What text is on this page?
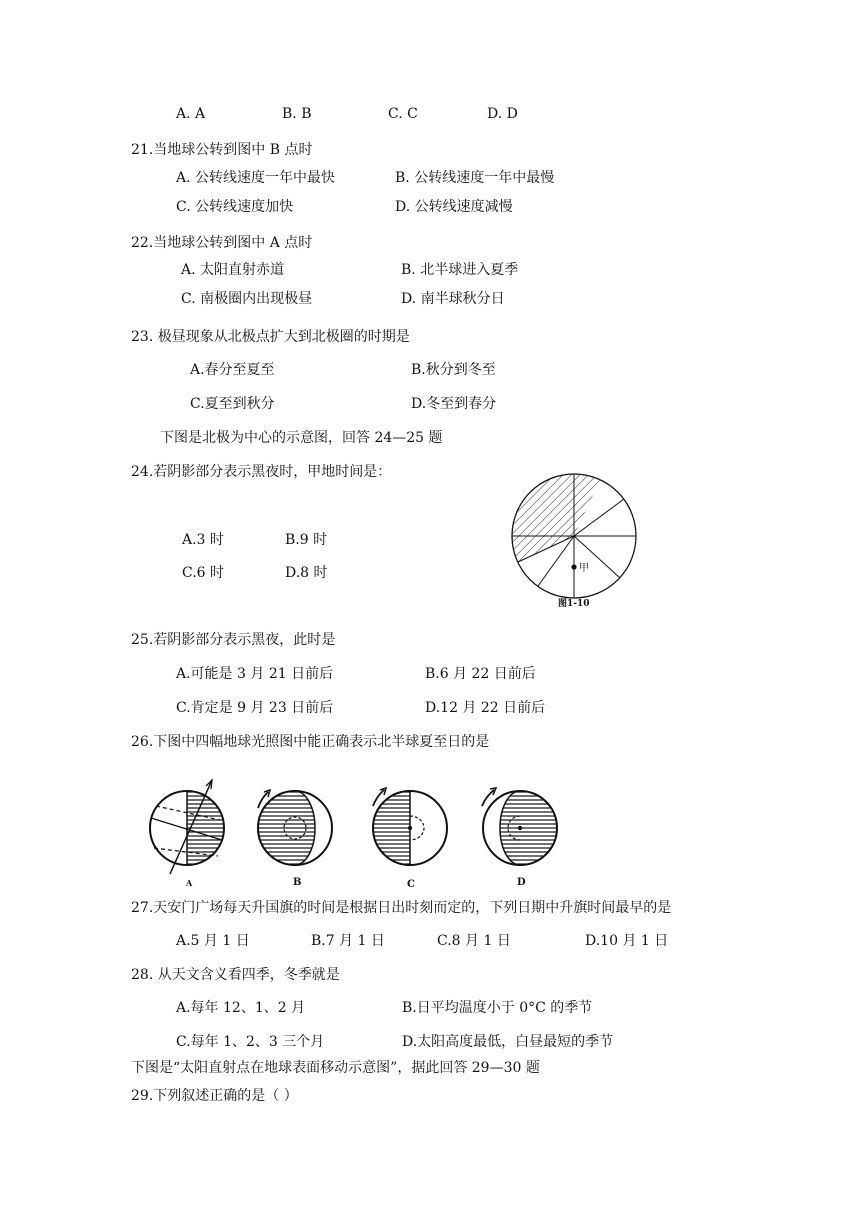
A. A	B. B	C. C	D. D
21.当地球公转到图中 B 点时
A. 公转线速度一年中最快	B. 公转线速度一年中最慢
C. 公转线速度加快	D. 公转线速度减慢
22.当地球公转到图中 A 点时
A. 太阳直射赤道	B. 北半球进入夏季
C. 南极圈内出现极昼	D. 南半球秋分日
23. 极昼现象从北极点扩大到北极圈的时期是
A.春分至夏至	B.秋分到冬至
C.夏至到秋分	D.冬至到春分
下图是北极为中心的示意图，回答 24—25 题
24.若阴影部分表示黑夜时，甲地时间是：
A.3 时	B.9 时
C.6 时	D.8 时	甲
图1-10
25.若阴影部分表示黑夜，此时是
A.可能是 3 月 21 日前后	B.6 月 22 日前后
C.肯定是 9 月 23 日前后	D.12 月 22 日前后
26.下图中四幅地球光照图中能正确表示北半球夏至日的是
A	B	C	D
27.天安门广场每天升国旗的时间是根据日出时刻而定的，下列日期中升旗时间最早的是
A.5 月 1 日	B.7 月 1 日	C.8 月 1 日	D.10 月 1 日
28. 从天文含义看四季，冬季就是
A.每年 12、1、2 月	B.日平均温度小于 0°C 的季节
C.每年 1、2、3 三个月	D.太阳高度最低，白昼最短的季节
下图是“太阳直射点在地球表面移动示意图”，据此回答 29—30 题
29.下列叙述正确的是（ ）
